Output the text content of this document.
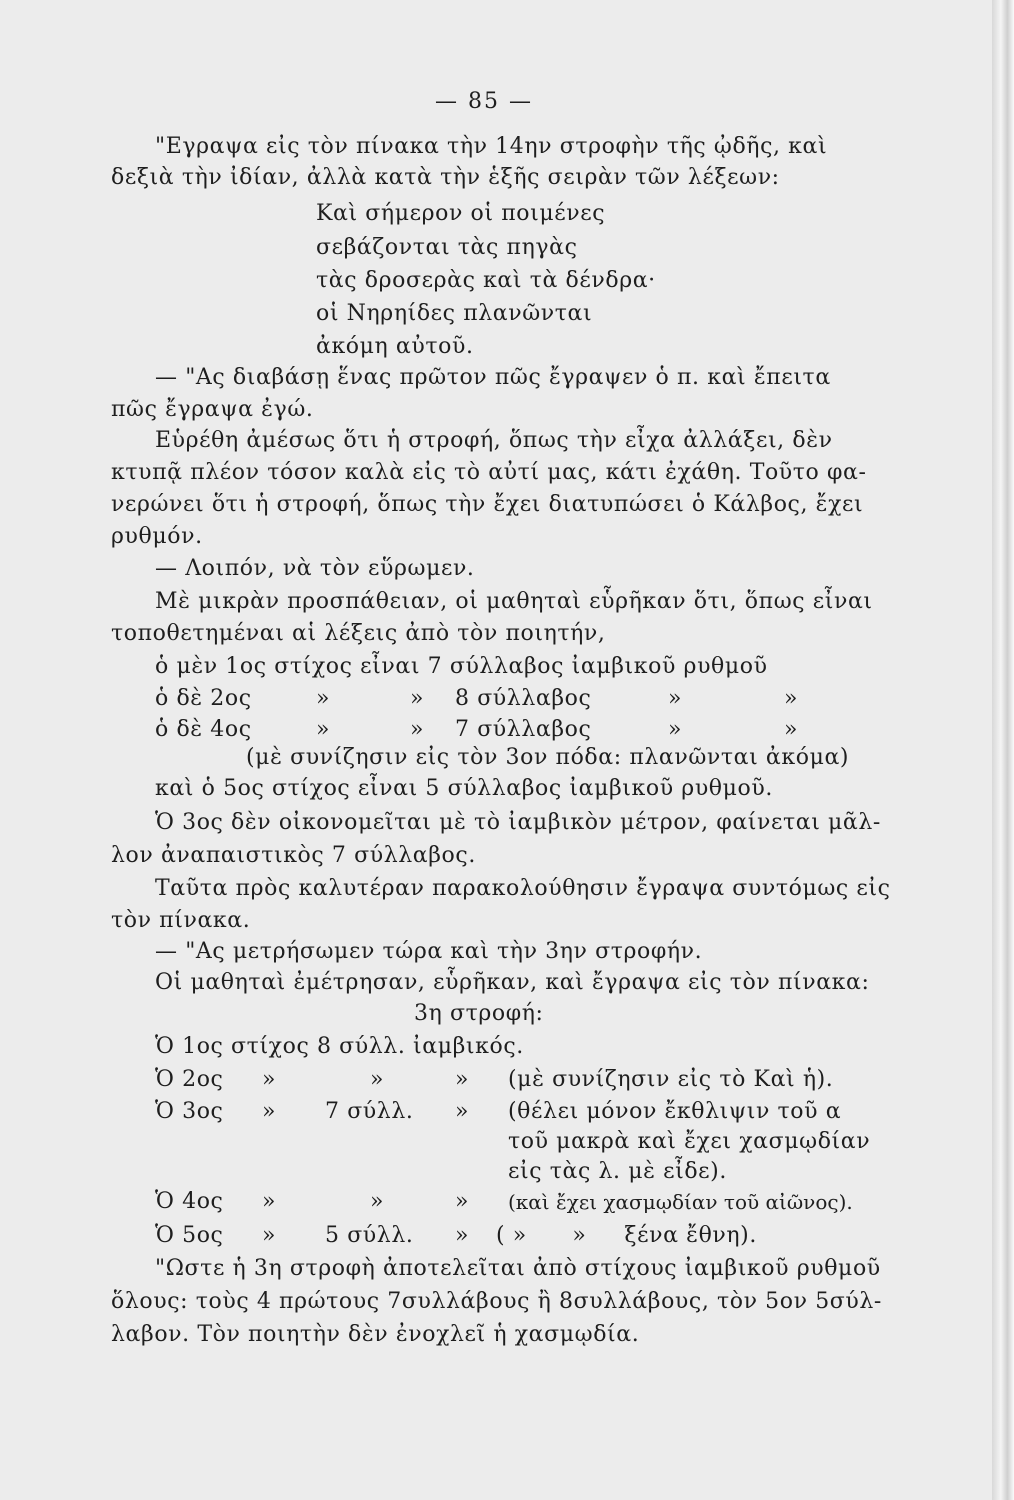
— 85 —
"Εγραψα εἰς τὸν πίνακα τὴν 14ην στροφὴν τῆς ᾠδῆς, καὶ
δεξιὰ τὴν ἰδίαν, ἀλλὰ κατὰ τὴν ἑξῆς σειρὰν τῶν λέξεων:
Καὶ σήμερον οἱ ποιμένες
σεβάζονται τὰς πηγὰς
τὰς δροσερὰς καὶ τὰ δένδρα·
οἱ Νηρηίδες πλανῶνται
ἀκόμη αὐτοῦ.
— "Ας διαβάσῃ ἕνας πρῶτον πῶς ἔγραψεν ὁ π. καὶ ἔπειτα
πῶς ἔγραψα ἐγώ.
Εὑρέθη ἀμέσως ὅτι ἡ στροφή, ὅπως τὴν εἶχα ἀλλάξει, δὲν
κτυπᾷ πλέον τόσον καλὰ εἰς τὸ αὐτί μας, κάτι ἐχάθη. Τοῦτο φα-
νερώνει ὅτι ἡ στροφή, ὅπως τὴν ἔχει διατυπώσει ὁ Κάλβος, ἔχει
ρυθμόν.
— Λοιπόν, νὰ τὸν εὕρωμεν.
Μὲ μικρὰν προσπάθειαν, οἱ μαθηταὶ εὗρῆκαν ὅτι, ὅπως εἶναι
τοποθετημέναι αἱ λέξεις ἀπὸ τὸν ποιητήν,
ὁ μὲν 1ος στίχος εἶναι 7 σύλλαβος ἰαμβικοῦ ρυθμοῦ
ὁ δὲ 2ος	»	» 8 σύλλαβος	»	»
ὁ δὲ 4ος	»	» 7 σύλλαβος	»	»
(μὲ συνίζησιν εἰς τὸν 3ον πόδα: πλανῶνται ἀκόμα)
καὶ ὁ 5ος στίχος εἶναι 5 σύλλαβος ἰαμβικοῦ ρυθμοῦ.
Ὁ 3ος δὲν οἰκονομεῖται μὲ τὸ ἰαμβικὸν μέτρον, φαίνεται μᾶλ-
λον ἀναπαιστικὸς 7 σύλλαβος.
Ταῦτα πρὸς καλυτέραν παρακολούθησιν ἔγραψα συντόμως εἰς
τὸν πίνακα.
— "Ας μετρήσωμεν τώρα καὶ τὴν 3ην στροφήν.
Οἱ μαθηταὶ ἐμέτρησαν, εὗρῆκαν, καὶ ἔγραψα εἰς τὸν πίνακα:
3η στροφή:
Ὁ 1ος στίχος 8 σύλλ. ἰαμβικός.
Ὁ 2ος »	»	» (μὲ συνίζησιν εἰς τὸ Καὶ ἡ).
Ὁ 3ος » 7 σύλλ. » (θέλει μόνον ἔκθλιψιν τοῦ α
τοῦ μακρὰ καὶ ἔχει χασμῳδίαν
εἰς τὰς λ. μὲ εἶδε).
Ὁ 4ος »	»	» (καὶ ἔχει χασμῳδίαν τοῦ αἰῶνος).
Ὁ 5ος » 5 σύλλ. » ( »      »     ξένα ἔθνη).
"Ωστε ἡ 3η στροφὴ ἀποτελεῖται ἀπὸ στίχους ἰαμβικοῦ ρυθμοῦ
ὅλους: τοὺς 4 πρώτους 7συλλάβους ἢ 8συλλάβους, τὸν 5ον 5σύλ-
λαβον. Τὸν ποιητὴν δὲν ἐνοχλεῖ ἡ χασμῳδία.
